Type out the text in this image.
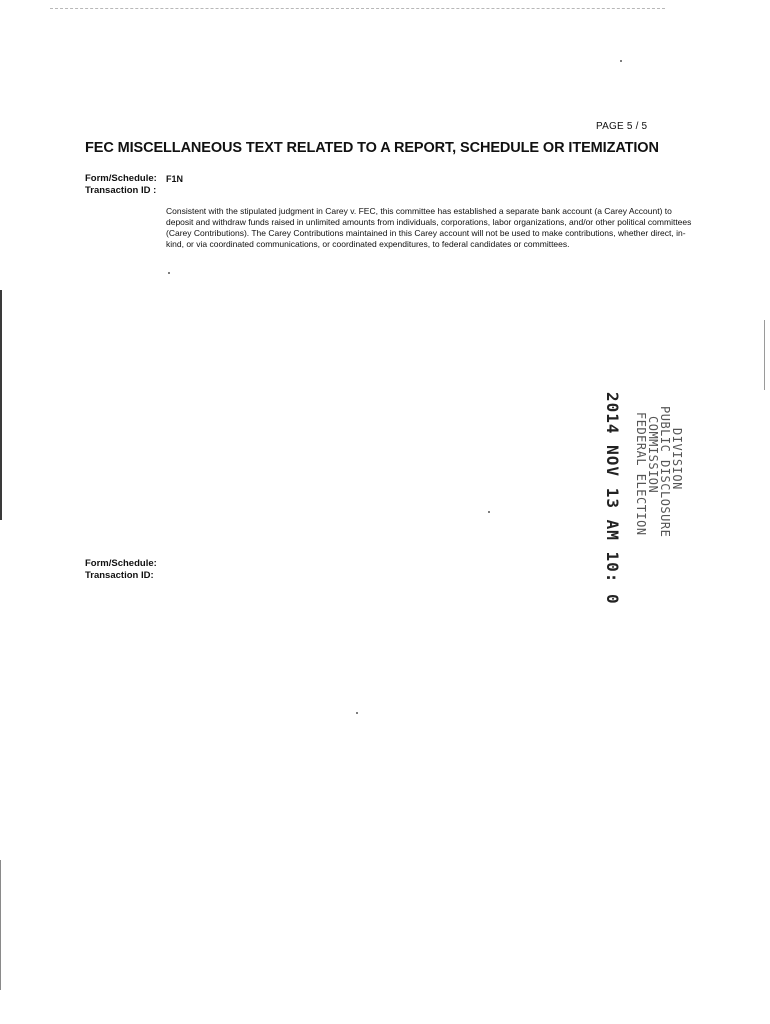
PAGE 5 / 5
FEC MISCELLANEOUS TEXT RELATED TO A REPORT, SCHEDULE OR ITEMIZATION
Form/Schedule: F1N
Transaction ID :

Consistent with the stipulated judgment in Carey v. FEC, this committee has established a separate bank account (a Carey Account) to deposit and withdraw funds raised in unlimited amounts from individuals, corporations, labor organizations, and/or other political committees (Carey Contributions). The Carey Contributions maintained in this Carey account will not be used to make contributions, whether direct, in-kind, or via coordinated communications, or coordinated expenditures, to federal candidates or committees.

Form/Schedule:
Transaction ID:	2014 NOV 13 AM 10: 0 FEDERAL ELECTION
COMMISSION
PUBLIC DISCLOSURE
DIVISION
